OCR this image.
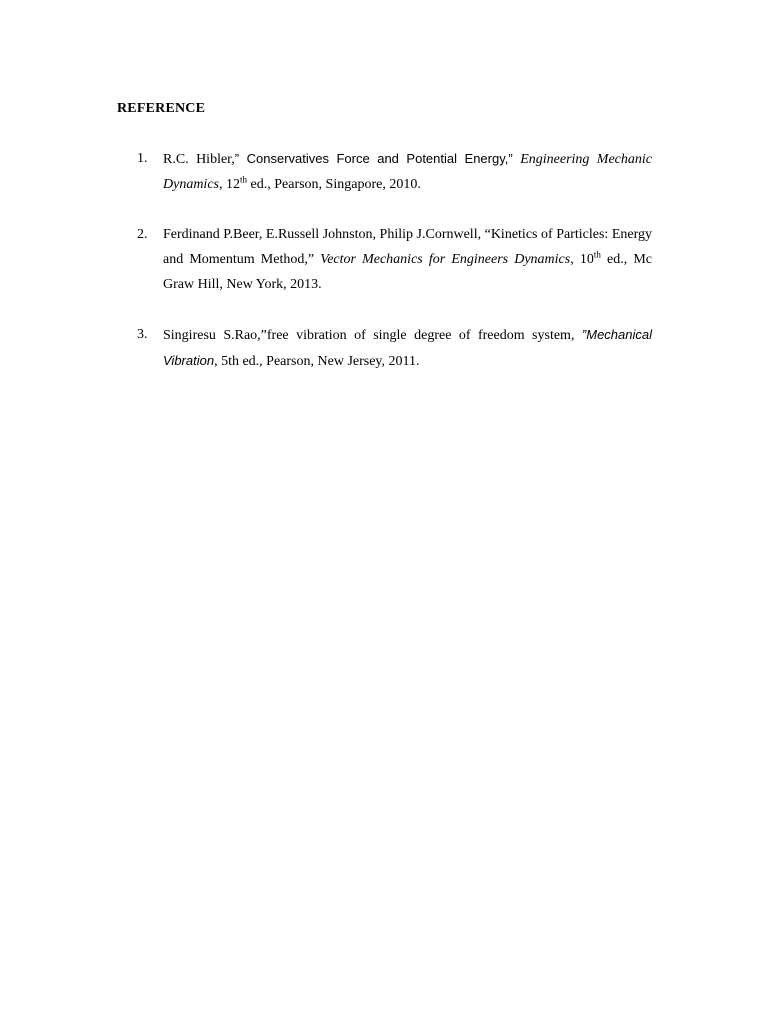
REFERENCE
1. R.C. Hibler,” Conservatives Force and Potential Energy,” Engineering Mechanic Dynamics, 12th ed., Pearson, Singapore, 2010.
2. Ferdinand P.Beer, E.Russell Johnston, Philip J.Cornwell, “Kinetics of Particles: Energy and Momentum Method,” Vector Mechanics for Engineers Dynamics, 10th ed., Mc Graw Hill, New York, 2013.
3. Singiresu S.Rao,”free vibration of single degree of freedom system, ”Mechanical Vibration, 5th ed., Pearson, New Jersey, 2011.
